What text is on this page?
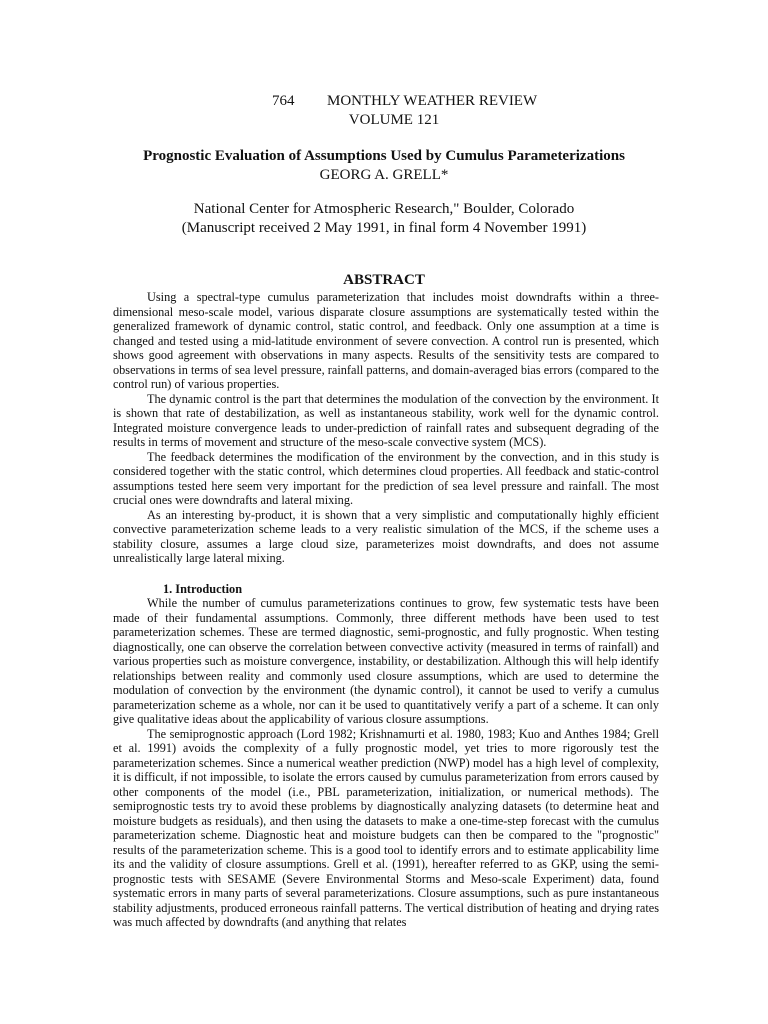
764 MONTHLY WEATHER REVIEW
VOLUME 121
Prognostic Evaluation of Assumptions Used by Cumulus Parameterizations
GEORG A. GRELL*
National Center for Atmospheric Research," Boulder, Colorado
(Manuscript received 2 May 1991, in final form 4 November 1991)
ABSTRACT

Using a spectral-type cumulus parameterization that includes moist downdrafts within a three-dimensional meso-scale model, various disparate closure assumptions are systematically tested within the generalized framework of dynamic control, static control, and feedback. Only one assumption at a time is changed and tested using a mid-latitude environment of severe convection. A control run is presented, which shows good agreement with observations in many aspects. Results of the sensitivity tests are compared to observations in terms of sea level pressure, rainfall patterns, and domain-averaged bias errors (compared to the control run) of various properties.

The dynamic control is the part that determines the modulation of the convection by the environment. It is shown that rate of destabilization, as well as instantaneous stability, work well for the dynamic control. Integrated moisture convergence leads to under-prediction of rainfall rates and subsequent degrading of the results in terms of movement and structure of the meso-scale convective system (MCS).

The feedback determines the modification of the environment by the convection, and in this study is considered together with the static control, which determines cloud properties. All feedback and static-control assumptions tested here seem very important for the prediction of sea level pressure and rainfall. The most crucial ones were downdrafts and lateral mixing.

As an interesting by-product, it is shown that a very simplistic and computationally highly efficient convective parameterization scheme leads to a very realistic simulation of the MCS, if the scheme uses a stability closure, assumes a large cloud size, parameterizes moist downdrafts, and does not assume unrealistically large lateral mixing.

1. Introduction

While the number of cumulus parameterizations continues to grow, few systematic tests have been made of their fundamental assumptions. Commonly, three different methods have been used to test parameterization schemes. These are termed diagnostic, semi-prognostic, and fully prognostic. When testing diagnostically, one can observe the correlation between convective activity (measured in terms of rainfall) and various properties such as moisture convergence, instability, or destabilization. Although this will help identify relationships between reality and commonly used closure assumptions, which are used to determine the modulation of convection by the environment (the dynamic control), it cannot be used to verify a cumulus parameterization scheme as a whole, nor can it be used to quantitatively verify a part of a scheme. It can only give qualitative ideas about the applicability of various closure assumptions.

The semiprognostic approach (Lord 1982; Krishnamurti et al. 1980, 1983; Kuo and Anthes 1984; Grell et al. 1991) avoids the complexity of a fully prognostic model, yet tries to more rigorously test the parameterization schemes. Since a numerical weather prediction (NWP) model has a high level of complexity, it is difficult, if not impossible, to isolate the errors caused by cumulus parameterization from errors caused by other components of the model (i.e., PBL parameterization, initialization, or numerical methods). The semiprognostic tests try to avoid these problems by diagnostically analyzing datasets (to determine heat and moisture budgets as residuals), and then using the datasets to make a one-time-step forecast with the cumulus parameterization scheme. Diagnostic heat and moisture budgets can then be compared to the "prognostic" results of the parameterization scheme. This is a good tool to identify errors and to estimate applicability lime its and the validity of closure assumptions. Grell et al. (1991), hereafter referred to as GKP, using the semi-prognostic tests with SESAME (Severe Environmental Storms and Meso-scale Experiment) data, found systematic errors in many parts of several parameterizations. Closure assumptions, such as pure instantaneous stability adjustments, produced erroneous rainfall patterns. The vertical distribution of heating and drying rates was much affected by downdrafts (and anything that relates
